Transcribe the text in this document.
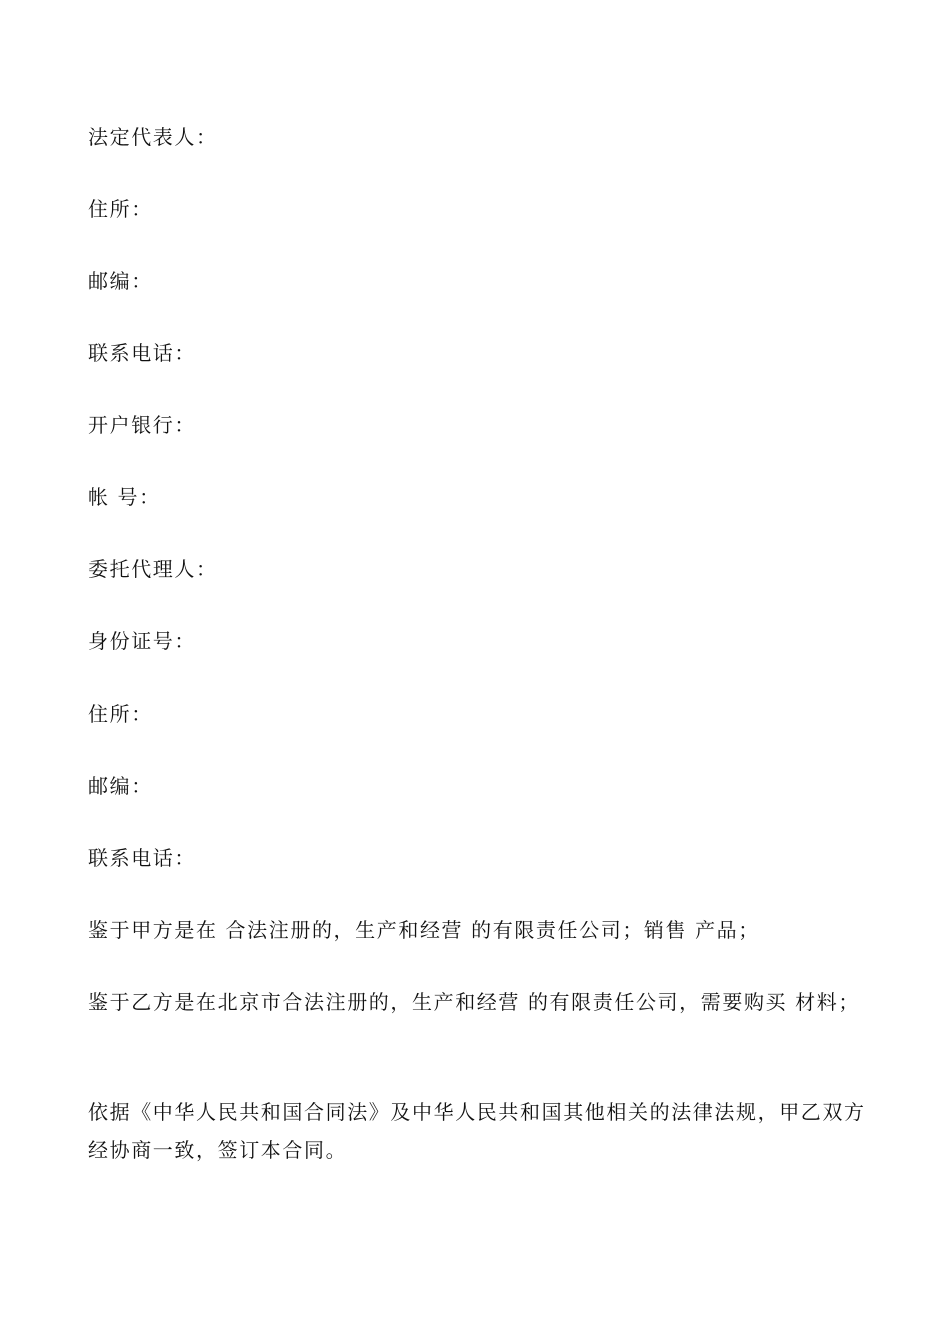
法定代表人：
住所：
邮编：
联系电话：
开户银行：
帐 号：
委托代理人：
身份证号：
住所：
邮编：
联系电话：
鉴于甲方是在 合法注册的，生产和经营 的有限责任公司；销售 产品；
鉴于乙方是在北京市合法注册的，生产和经营 的有限责任公司，需要购买 材料；
依据《中华人民共和国合同法》及中华人民共和国其他相关的法律法规，甲乙双方经协商一致，签订本合同。
